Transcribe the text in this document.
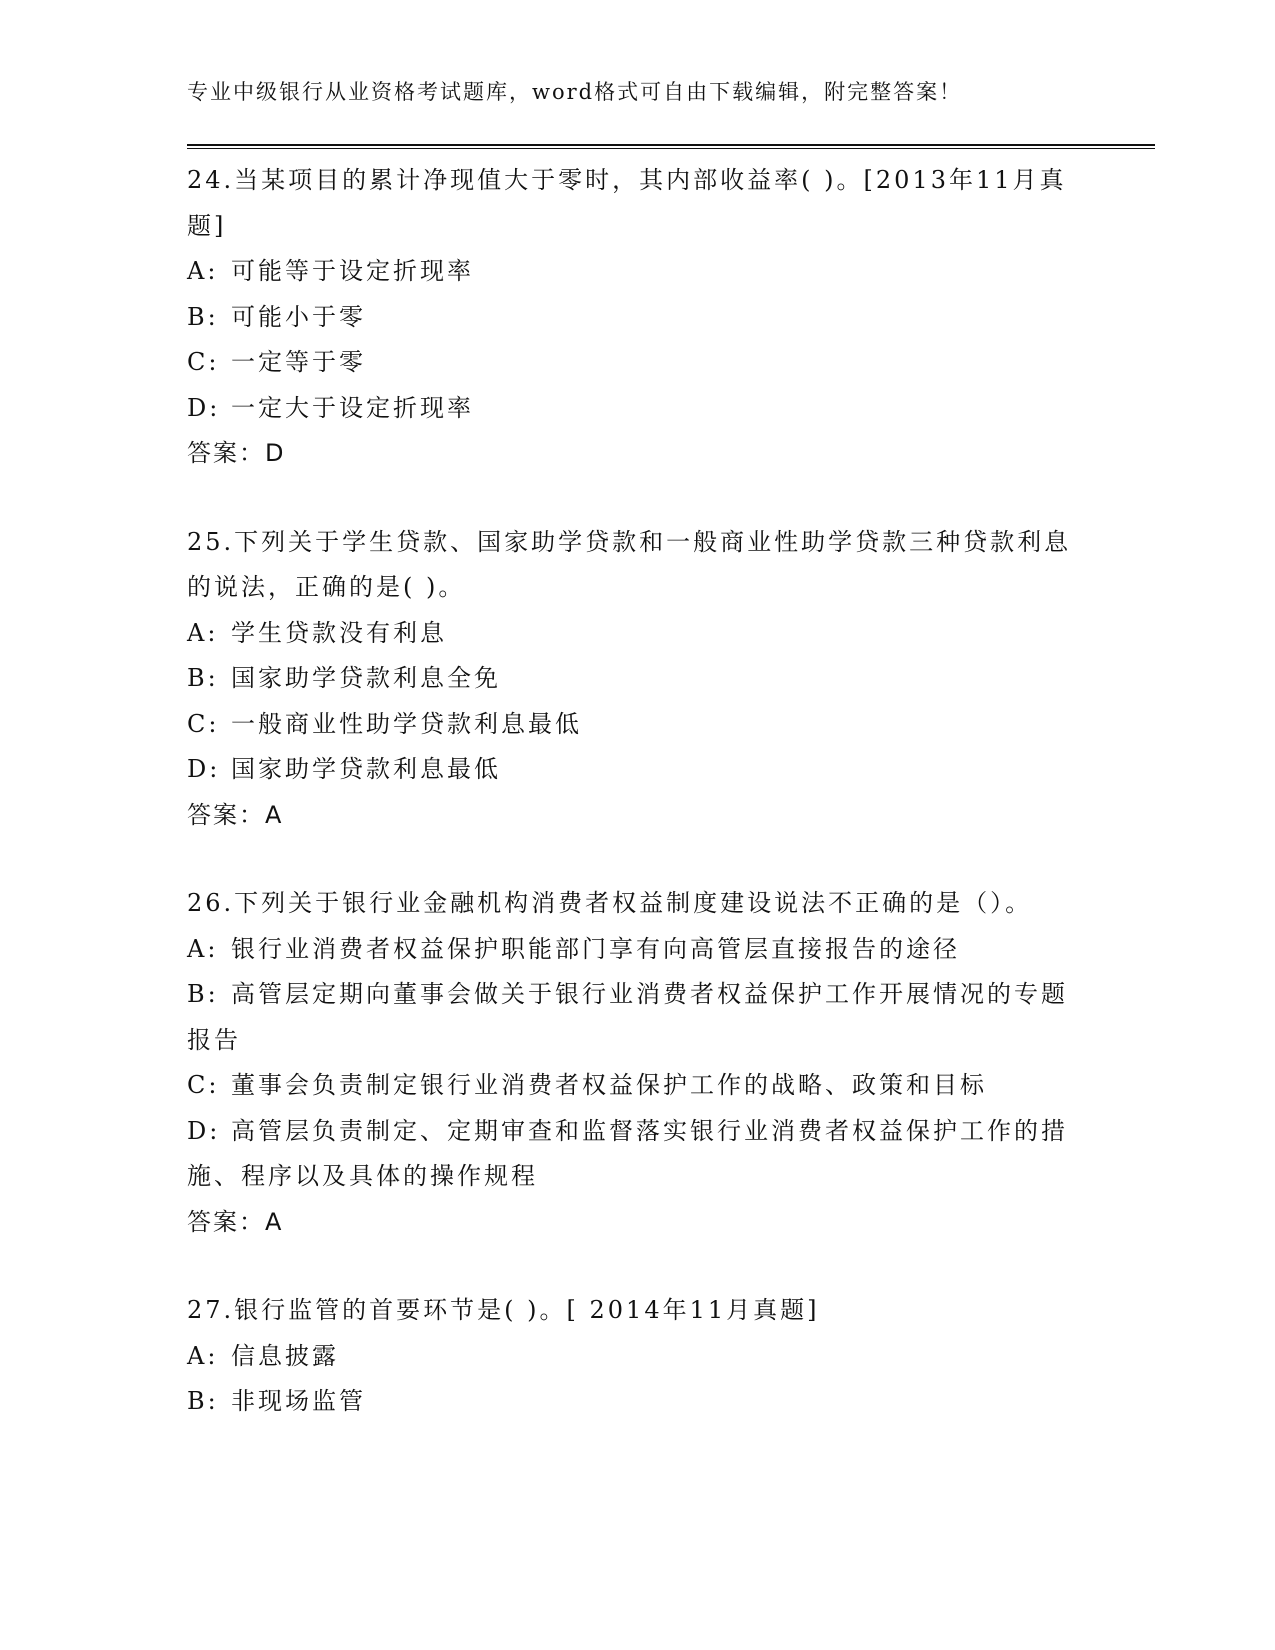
专业中级银行从业资格考试题库，word格式可自由下载编辑，附完整答案！

24.当某项目的累计净现值大于零时，其内部收益率( )。[2013年11月真题]

A: 可能等于设定折现率

B: 可能小于零

C: 一定等于零

D: 一定大于设定折现率

答案：D

25.下列关于学生贷款、国家助学贷款和一般商业性助学贷款三种贷款利息的说法，正确的是( )。

A: 学生贷款没有利息

B: 国家助学贷款利息全免

C: 一般商业性助学贷款利息最低

D: 国家助学贷款利息最低

答案：A

26.下列关于银行业金融机构消费者权益制度建设说法不正确的是（）。

A: 银行业消费者权益保护职能部门享有向高管层直接报告的途径

B: 高管层定期向董事会做关于银行业消费者权益保护工作开展情况的专题报告

C: 董事会负责制定银行业消费者权益保护工作的战略、政策和目标

D: 高管层负责制定、定期审查和监督落实银行业消费者权益保护工作的措施、程序以及具体的操作规程

答案：A

27.银行监管的首要环节是( )。[ 2014年11月真题]

A: 信息披露

B: 非现场监管
